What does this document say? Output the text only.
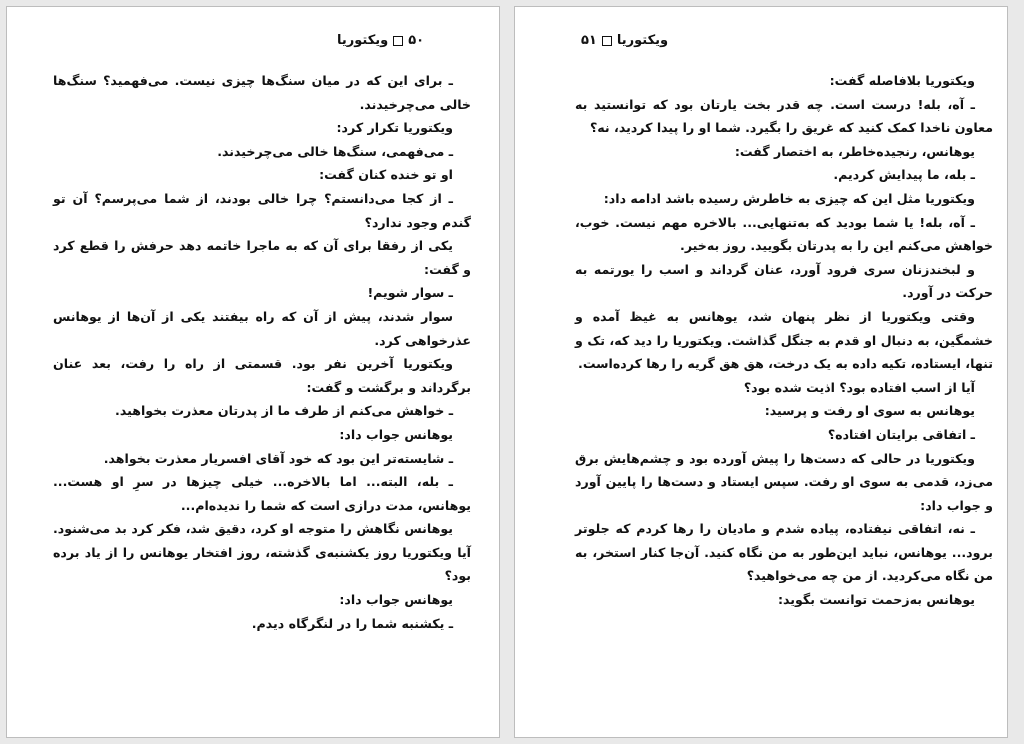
۵۰ویکتوریا

ـ برای این که در میان سنگ‌ها چیزی نیست. می‌فهمید؟ سنگ‌ها خالی می‌چرخیدند.

ویکتوریا تکرار کرد:

ـ می‌فهمی، سنگ‌ها خالی می‌چرخیدند.

او تو خنده کنان گفت:

ـ از کجا می‌دانستم؟ چرا خالی بودند، از شما می‌پرسم؟ آن تو گندم وجود ندارد؟

یکی از رفقا برای آن که به ماجرا خاتمه دهد حرفش را قطع کرد و گفت:

ـ سوار شویم!

سوار شدند، پیش از آن که راه بیفتند یکی از آن‌ها از یوهانس عذرخواهی کرد.

ویکتوریا آخرین نفر بود. قسمتی از راه را رفت، بعد عنان برگرداند و برگشت و گفت:

ـ خواهش می‌کنم از طرف ما از پدرتان معذرت بخواهید.

یوهانس جواب داد:

ـ شایسته‌تر این بود که خود آقای افسریار معذرت بخواهد.

ـ بله، البته... اما بالاخره... خیلی چیزها در سرِ او هست... یوهانس، مدت درازی است که شما را ندیده‌ام...

یوهانس نگاهش را متوجه او کرد، دقیق شد، فکر کرد بد می‌شنود. آیا ویکتوریا روز یکشنبه‌ی گذشته، روز افتخار یوهانس را از یاد برده بود؟

یوهانس جواب داد:

ـ یکشنبه شما را در لنگرگاه دیدم.

ویکتوریا۵۱

ویکتوریا بلافاصله گفت:

ـ آه، بله! درست است. چه قدر بخت یارتان بود که توانستید به معاون ناخدا کمک کنید که غریق را بگیرد. شما او را پیدا کردید، نه؟

یوهانس، رنجیده‌خاطر، به اختصار گفت:

ـ بله، ما پیدایش کردیم.

ویکتوریا مثل این که چیزی به خاطرش رسیده باشد ادامه داد:

ـ آه، بله! یا شما بودید که به‌تنهایی... بالاخره مهم نیست. خوب، خواهش می‌کنم این را به پدرتان بگویید. روز به‌خیر.

و لبخندزنان سری فرود آورد، عنان گرداند و اسب را یورتمه به حرکت در آورد.

وقتی ویکتوریا از نظر پنهان شد، یوهانس به غیظ آمده و خشمگین، به دنبال او قدم به جنگل گذاشت. ویکتوریا را دید که، تک و تنها، ایستاده، تکیه داده به یک درخت، هق هق گریه را رها کرده‌است.

آیا از اسب افتاده بود؟ اذیت شده بود؟

یوهانس به سوی او رفت و پرسید:

ـ اتفاقی برایتان افتاده؟

ویکتوریا در حالی که دست‌ها را پیش آورده بود و چشم‌هایش برق می‌زد، قدمی به سوی او رفت. سپس ایستاد و دست‌ها را پایین آورد و جواب داد:

ـ نه، اتفاقی نیفتاده، پیاده شدم و مادیان را رها کردم که جلوتر برود... یوهانس، نباید این‌طور به من نگاه کنید. آن‌جا کنار استخر، به من نگاه می‌کردید. از من چه می‌خواهید؟

یوهانس به‌زحمت توانست بگوید:
